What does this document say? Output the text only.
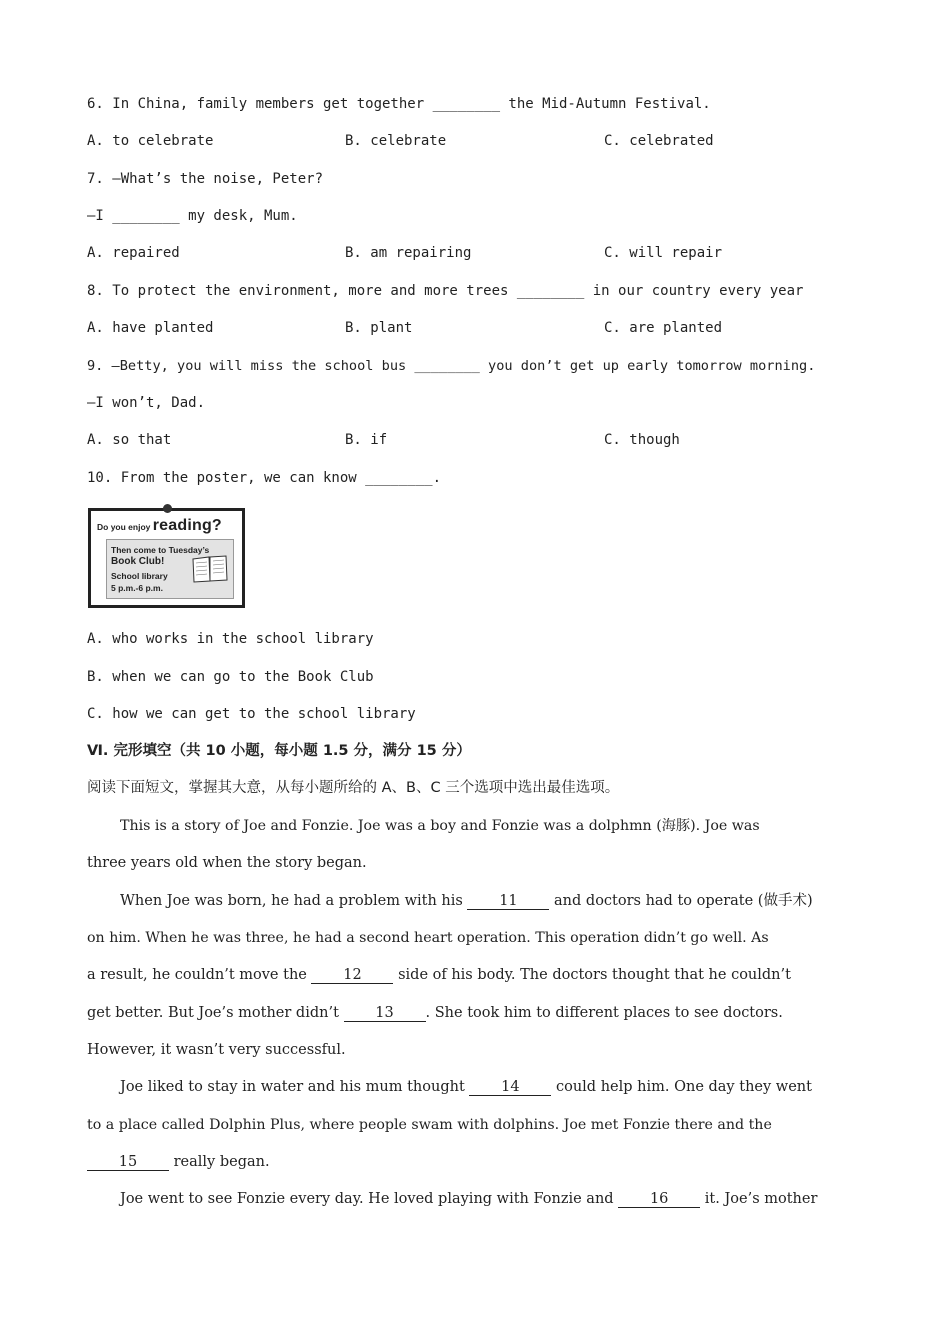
6. In China, family members get together ________ the Mid-Autumn Festival.
A. to celebrate	B. celebrate	C. celebrated
7. —What’s the noise, Peter?
—I ________ my desk, Mum.
A. repaired	B. am repairing	C. will repair
8. To protect the environment, more and more trees ________ in our country every year
A. have planted	B. plant	C. are planted
9. —Betty, you will miss the school bus ________ you don’t get up early tomorrow morning.
—I won’t, Dad.
A. so that	B. if	C. though
10. From the poster, we can know ________.
Do you enjoy reading?
Then come to Tuesday’s
Book Club!
School library
5 p.m.-6 p.m.
A. who works in the school library
B. when we can go to the Book Club
C. how we can get to the school library
Ⅵ. 完形填空（共 10 小题，每小题 1.5 分，满分 15 分）
阅读下面短文，掌握其大意，从每小题所给的 A、B、C 三个选项中选出最佳选项。
This is a story of Joe and Fonzie. Joe was a boy and Fonzie was a dolphmn (海豚). Joe was
three years old when the story began.
When Joe was born, he had a problem with his 11 and doctors had to operate (做手术)
on him. When he was three, he had a second heart operation. This operation didn’t go well. As
a result, he couldn’t move the 12 side of his body. The doctors thought that he couldn’t
get better. But Joe’s mother didn’t 13 . She took him to different places to see doctors.
However, it wasn’t very successful.
Joe liked to stay in water and his mum thought 14 could help him. One day they went
to a place called Dolphin Plus, where people swam with dolphins. Joe met Fonzie there and the
15 really began.
Joe went to see Fonzie every day. He loved playing with Fonzie and 16 it. Joe’s mother
